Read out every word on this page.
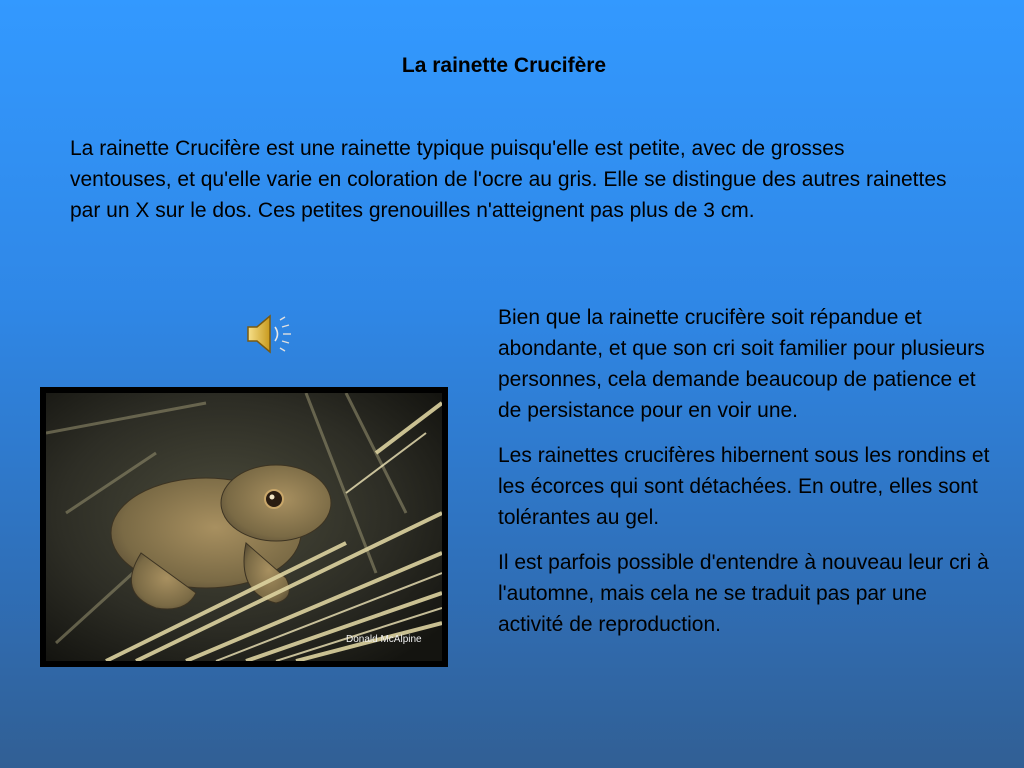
La rainette Crucifère

La rainette Crucifère est une rainette typique puisqu'elle est petite, avec de grosses ventouses, et qu'elle varie en coloration de l'ocre au gris. Elle se distingue des autres rainettes par un X sur le dos. Ces petites grenouilles n'atteignent pas plus de 3 cm.

Donald McAlpine

Bien que la rainette crucifère soit répandue et abondante, et que son cri soit familier pour plusieurs personnes, cela demande beaucoup de patience et de persistance pour en voir une.

Les rainettes crucifères hibernent sous les rondins et les écorces qui sont détachées. En outre, elles sont tolérantes au gel.

Il est parfois possible d'entendre à nouveau leur cri à l'automne, mais cela ne se traduit pas par une activité de reproduction.
